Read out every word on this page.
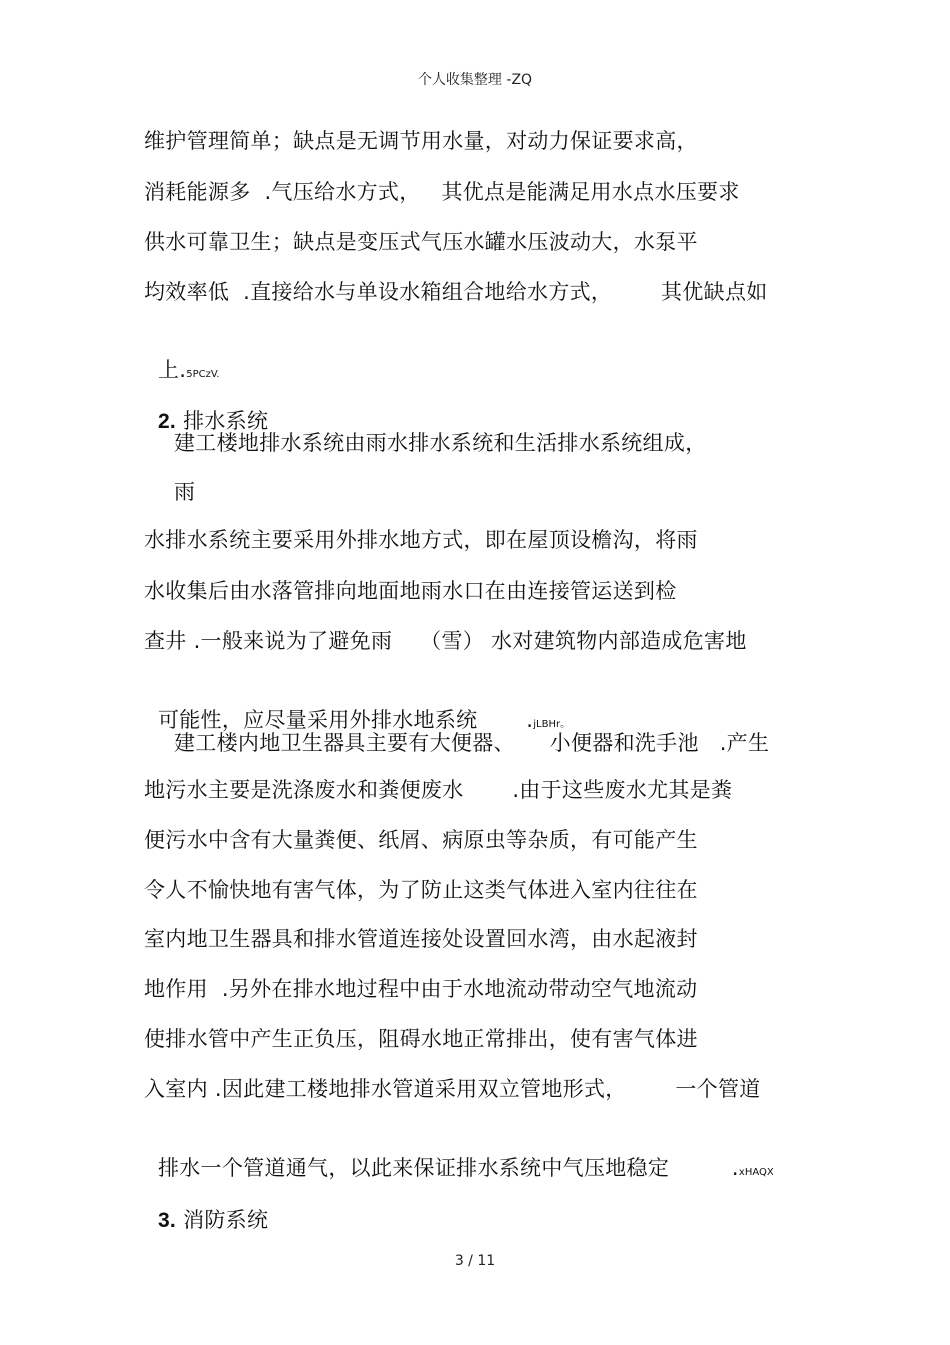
个人收集整理 -ZQ
维护管理简单；缺点是无调节用水量，对动力保证要求高，
消耗能源多  .气压给水方式，   其优点是能满足用水点水压要求
供水可靠卫生；缺点是变压式气压水罐水压波动大，水泵平
均效率低  .直接给水与单设水箱组合地给水方式，       其优缺点如

上.5PCzV.

2. 排水系统

建工楼地排水系统由雨水排水系统和生活排水系统组成，
雨
水排水系统主要采用外排水地方式，即在屋顶设檐沟，将雨
水收集后由水落管排向地面地雨水口在由连接管运送到检
查井 .一般来说为了避免雨    （雪） 水对建筑物内部造成危害地

可能性，应尽量采用外排水地系统       .jLBHr。

建工楼内地卫生器具主要有大便器、     小便器和洗手池   .产生
地污水主要是洗涤废水和粪便废水       .由于这些废水尤其是粪
便污水中含有大量粪便、纸屑、病原虫等杂质，有可能产生
令人不愉快地有害气体，为了防止这类气体进入室内往往在
室内地卫生器具和排水管道连接处设置回水湾，由水起液封
地作用  .另外在排水地过程中由于水地流动带动空气地流动
使排水管中产生正负压，阻碍水地正常排出，使有害气体进
入室内 .因此建工楼地排水管道采用双立管地形式，       一个管道

排水一个管道通气，以此来保证排水系统中气压地稳定         .xHAQX

3. 消防系统

3 / 11
